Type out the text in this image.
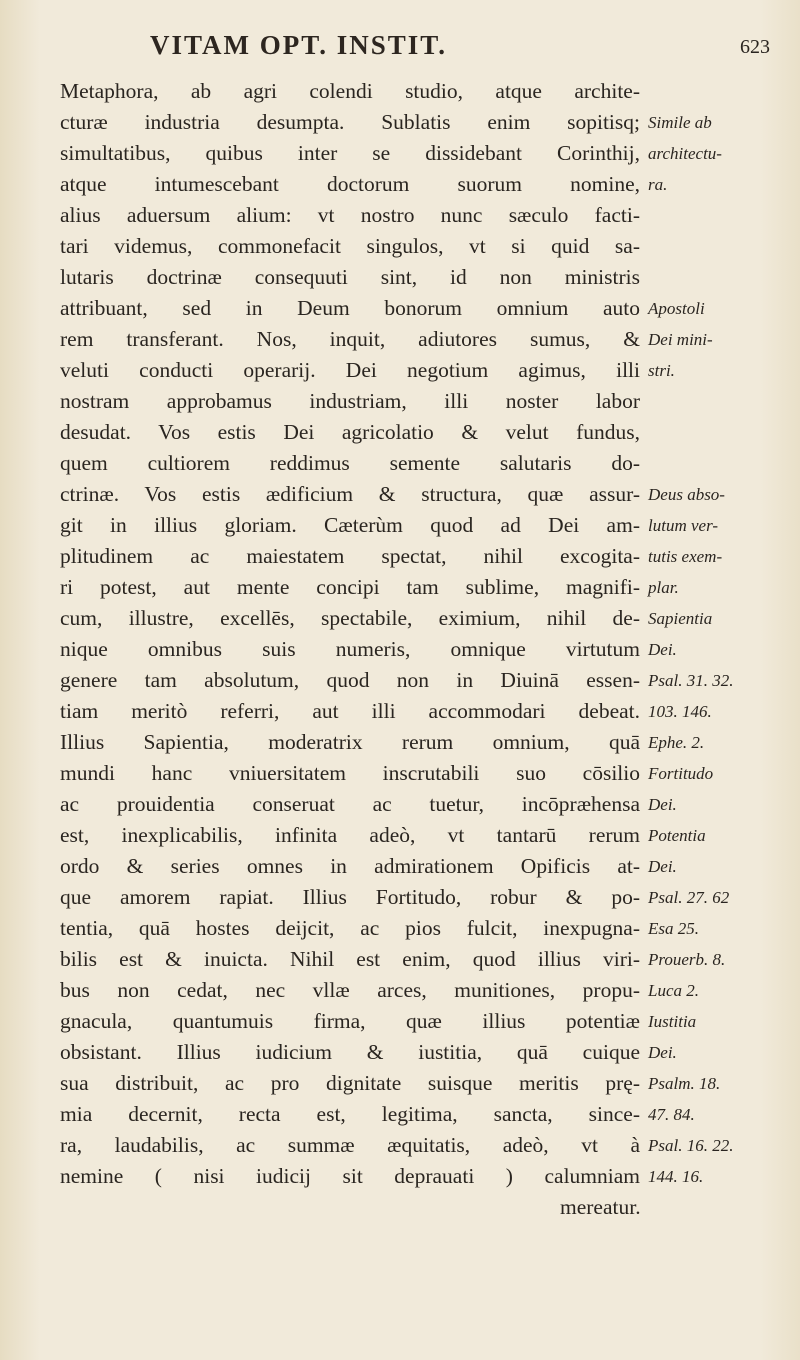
VITAM OPT. INSTIT.	623
Metaphora, ab agri colendi studio, atque archite-
cturæ industria desumpta. Sublatis enim sopitisq; Simile ab
simultatibus, quibus inter se dissidebant Corinthij, architectu-
atque intumescebant doctorum suorum nomine, ra.
alius aduersum alium: vt nostro nunc sæculo facti-
tari videmus, commonefacit singulos, vt si quid sa-
lutaris doctrinæ consequuti sint, id non ministris
attribuant, sed in Deum bonorum omnium auto Apostoli
rem transferant. Nos, inquit, adiutores sumus, & Dei mini-
veluti conducti operarij. Dei negotium agimus, illi stri.
nostram approbamus industriam, illi noster labor
desudat. Vos estis Dei agricolatio & velut fundus,
quem cultiorem reddimus semente salutaris do-
ctrinæ. Vos estis ædificium & structura, quæ assur- Deus abso-
git in illius gloriam. Cæterùm quod ad Dei am- lutum ver-
plitudinem ac maiestatem spectat, nihil excogita- tutis exem-
ri potest, aut mente concipi tam sublime, magnifi- plar.
cum, illustre, excellēs, spectabile, eximium, nihil de- Sapientia
nique omnibus suis numeris, omnique virtutum Dei.
genere tam absolutum, quod non in Diuinā essen- Psal. 31. 32.
tiam meritò referri, aut illi accommodari debeat. 103. 146.
Illius Sapientia, moderatrix rerum omnium, quā Ephe. 2.
mundi hanc vniuersitatem inscrutabili suo cōsilio Fortitudo
ac prouidentia conseruat ac tuetur, incōpræhensa Dei.
est, inexplicabilis, infinita adeò, vt tantarū rerum Potentia
ordo & series omnes in admirationem Opificis at- Dei.
que amorem rapiat. Illius Fortitudo, robur & po- Psal. 27. 62
tentia, quā hostes deijcit, ac pios fulcit, inexpugna- Esa 25.
bilis est & inuicta. Nihil est enim, quod illius viri- Prouerb. 8.
bus non cedat, nec vllæ arces, munitiones, propu- Luca 2.
gnacula, quantumuis firma, quæ illius potentiæ Iustitia
obsistant. Illius iudicium & iustitia, quā cuique Dei.
sua distribuit, ac pro dignitate suisque meritis prę- Psalm. 18.
mia decernit, recta est, legitima, sancta, since- 47. 84.
ra, laudabilis, ac summæ æquitatis, adeò, vt à Psal. 16. 22.
nemine ( nisi iudicij sit deprauati ) calumniam 144. 16.
mereatur.
